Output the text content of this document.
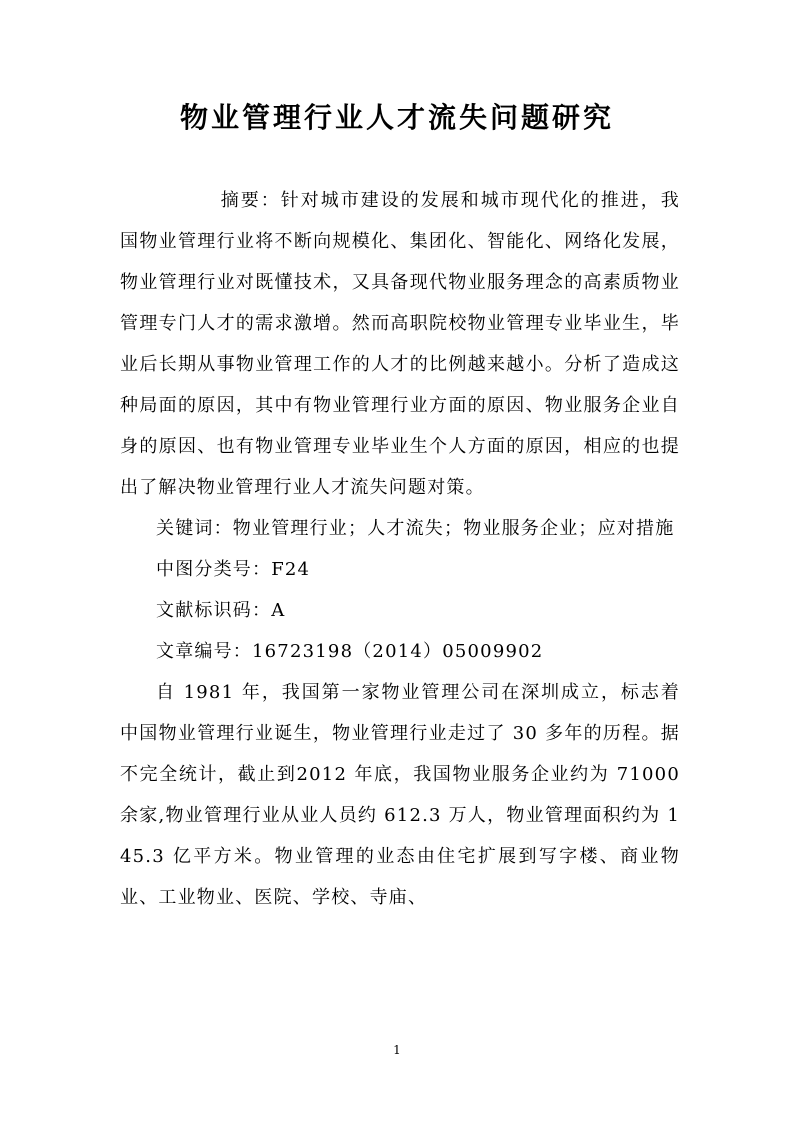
物业管理行业人才流失问题研究

摘要：针对城市建设的发展和城市现代化的推进，我国物业管理行业将不断向规模化、集团化、智能化、网络化发展，物业管理行业对既懂技术，又具备现代物业服务理念的高素质物业管理专门人才的需求激增。然而高职院校物业管理专业毕业生，毕业后长期从事物业管理工作的人才的比例越来越小。分析了造成这种局面的原因，其中有物业管理行业方面的原因、物业服务企业自身的原因、也有物业管理专业毕业生个人方面的原因，相应的也提出了解决物业管理行业人才流失问题对策。

关键词：物业管理行业；人才流失；物业服务企业；应对措施

中图分类号：F24

文献标识码：A

文章编号：16723198（2014）05009902

自 1981 年，我国第一家物业管理公司在深圳成立，标志着中国物业管理行业诞生，物业管理行业走过了 30 多年的历程。据不完全统计，截止到2012 年底，我国物业服务企业约为 71000 余家,物业管理行业从业人员约 612.3 万人，物业管理面积约为 145.3 亿平方米。物业管理的业态由住宅扩展到写字楼、商业物业、工业物业、医院、学校、寺庙、

1
